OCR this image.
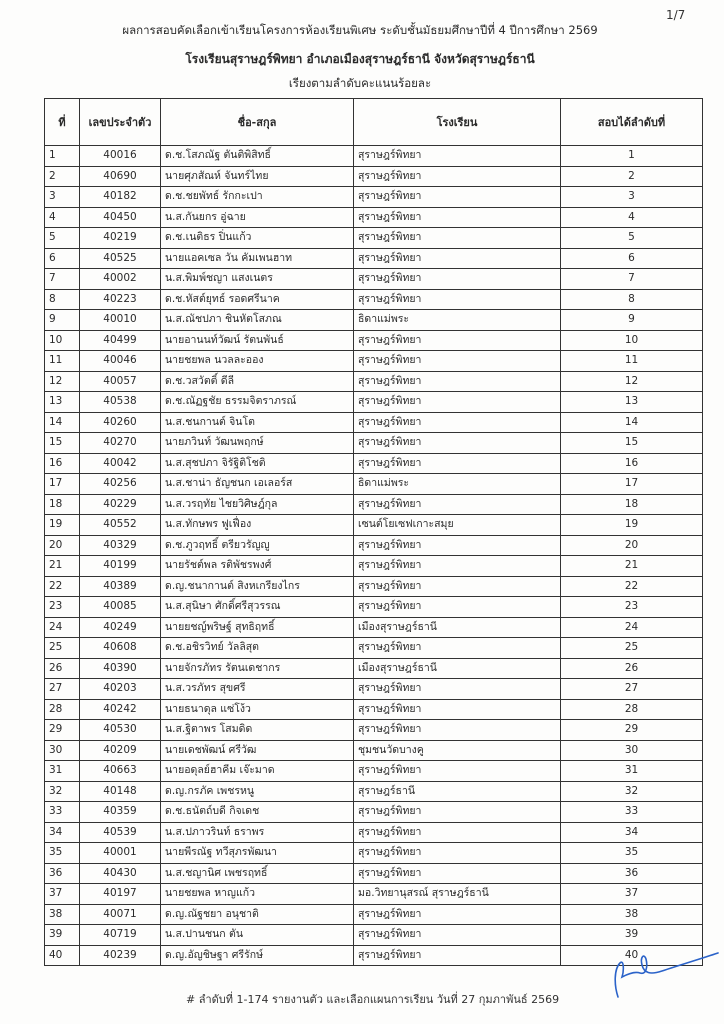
1/7
ผลการสอบคัดเลือกเข้าเรียนโครงการห้องเรียนพิเศษ ระดับชั้นมัธยมศึกษาปีที่ 4 ปีการศึกษา 2569
โรงเรียนสุราษฎร์พิทยา อำเภอเมืองสุราษฎร์ธานี จังหวัดสุราษฎร์ธานี
เรียงตามลำดับคะแนนร้อยละ
ที่	เลขประจำตัว	ชื่อ-สกุล	โรงเรียน	สอบได้ลำดับที่
1	40016	ด.ช.โสภณัฐ ตันติพิสิทธิ์	สุราษฎร์พิทยา	1
2	40690	นายศุภสัณห์ จันทร์ไทย	สุราษฎร์พิทยา	2
3	40182	ด.ช.ชยพัทธ์ รักกะเปา	สุราษฎร์พิทยา	3
4	40450	น.ส.กันยกร อู่ฉาย	สุราษฎร์พิทยา	4
5	40219	ด.ช.เนติธร ปิ่นแก้ว	สุราษฎร์พิทยา	5
6	40525	นายแอคเซล วัน คัมเพนฮาท	สุราษฎร์พิทยา	6
7	40002	น.ส.พิมพ์ชญา แสงเนตร	สุราษฎร์พิทยา	7
8	40223	ด.ช.หัสต์ยุทธ์ รอดศรีนาค	สุราษฎร์พิทยา	8
9	40010	น.ส.ณัชปภา ชินหัตโสภณ	ธิดาแม่พระ	9
10	40499	นายอานนท์วัฒน์ รัตนพันธ์	สุราษฎร์พิทยา	10
11	40046	นายชยพล นวลละออง	สุราษฎร์พิทยา	11
12	40057	ด.ช.วสวัตติ์ ดีลี	สุราษฎร์พิทยา	12
13	40538	ด.ช.ณัฏฐชัย ธรรมจิตราภรณ์	สุราษฎร์พิทยา	13
14	40260	น.ส.ชนกานต์ จินโต	สุราษฎร์พิทยา	14
15	40270	นายภวินท์ วัฒนพฤกษ์	สุราษฎร์พิทยา	15
16	40042	น.ส.สุชปภา จิรัฐิติโชติ	สุราษฎร์พิทยา	16
17	40256	น.ส.ชาน่า ธัญชนก เอเลอร์ส	ธิดาแม่พระ	17
18	40229	น.ส.วรฤทัย ไชยวิศิษฎ์กุล	สุราษฎร์พิทยา	18
19	40552	น.ส.ทักษพร ฟูเฟื่อง	เซนต์โยเซฟเกาะสมุย	19
20	40329	ด.ช.ภูวฤทธิ์ ตรียวรัญญู	สุราษฎร์พิทยา	20
21	40199	นายรัชต์พล รติพัชรพงศ์	สุราษฎร์พิทยา	21
22	40389	ด.ญ.ชนากานต์ สิงหเกรียงไกร	สุราษฎร์พิทยา	22
23	40085	น.ส.สุนิษา ศักดิ์ศรีสุวรรณ	สุราษฎร์พิทยา	23
24	40249	นายยชญ์พริษฐ์ สุทธิฤทธิ์	เมืองสุราษฎร์ธานี	24
25	40608	ด.ช.อชิรวิทย์ วัลลิสุต	สุราษฎร์พิทยา	25
26	40390	นายจักรภัทร รัตนเดชากร	เมืองสุราษฎร์ธานี	26
27	40203	น.ส.วรภัทร สุขศรี	สุราษฎร์พิทยา	27
28	40242	นายธนาดุล แซ่โง้ว	สุราษฎร์พิทยา	28
29	40530	น.ส.ฐิตาพร โสมดิด	สุราษฎร์พิทยา	29
30	40209	นายเดชพัฒน์ ศรีวัฒ	ชุมชนวัดบางคู	30
31	40663	นายอดุลย์ฮาคีม เจ๊ะมาด	สุราษฎร์พิทยา	31
32	40148	ด.ญ.กรภัค เพชรหนู	สุราษฎร์ธานี	32
33	40359	ด.ช.ธนัตถ์บดี กิจเดช	สุราษฎร์พิทยา	33
34	40539	น.ส.ปภาวรินท์ ธราพร	สุราษฎร์พิทยา	34
35	40001	นายพีรณัฐ ทวีสุภรพัฒนา	สุราษฎร์พิทยา	35
36	40430	น.ส.ชญานิศ เพชรฤทธิ์	สุราษฎร์พิทยา	36
37	40197	นายชยพล หาญแก้ว	มอ.วิทยานุสรณ์ สุราษฎร์ธานี	37
38	40071	ด.ญ.ณัฐชยา อนุชาติ	สุราษฎร์พิทยา	38
39	40719	น.ส.ปานชนก ตัน	สุราษฎร์พิทยา	39
40	40239	ด.ญ.อัญชิษฐา ศรีรักษ์	สุราษฎร์พิทยา	40
# ลำดับที่ 1-174 รายงานตัว และเลือกแผนการเรียน วันที่ 27 กุมภาพันธ์ 2569
